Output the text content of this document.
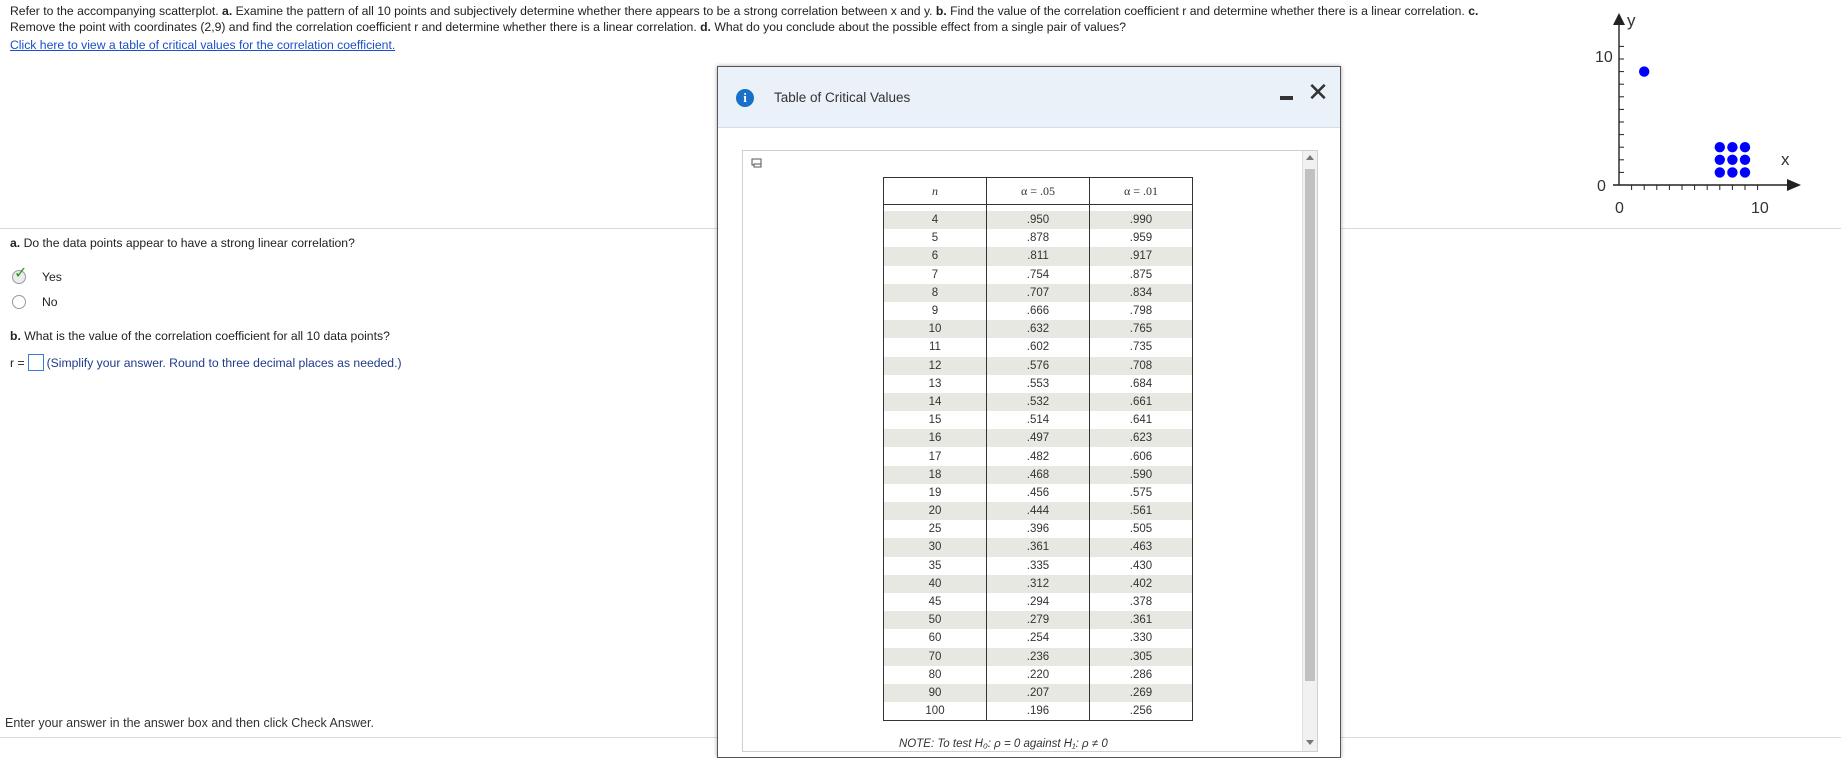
Refer to the accompanying scatterplot. a. Examine the pattern of all 10 points and subjectively determine whether there appears to be a strong correlation between x and y. b. Find the value of the correlation coefficient r and determine whether there is a linear correlation. c.
Remove the point with coordinates (2,9) and find the correlation coefficient r and determine whether there is a linear correlation. d. What do you conclude about the possible effect from a single pair of values?
Click here to view a table of critical values for the correlation coefficient.
y
x
10
0
0	10
a. Do the data points appear to have a strong linear correlation?
✓ Yes
No
b. What is the value of the correlation coefficient for all 10 data points?
r = (Simplify your answer. Round to three decimal places as needed.)
Enter your answer in the answer box and then click Check Answer.
i	Table of Critical Values	✕
n	α = .05	α = .01

4	.950	.990
5	.878	.959
6	.811	.917
7	.754	.875
8	.707	.834
9	.666	.798
10	.632	.765
11	.602	.735
12	.576	.708
13	.553	.684
14	.532	.661
15	.514	.641
16	.497	.623
17	.482	.606
18	.468	.590
19	.456	.575
20	.444	.561
25	.396	.505
30	.361	.463
35	.335	.430
40	.312	.402
45	.294	.378
50	.279	.361
60	.254	.330
70	.236	.305
80	.220	.286
90	.207	.269
100	.196	.256
NOTE: To test H₀: ρ = 0 against H₁: ρ ≠ 0
